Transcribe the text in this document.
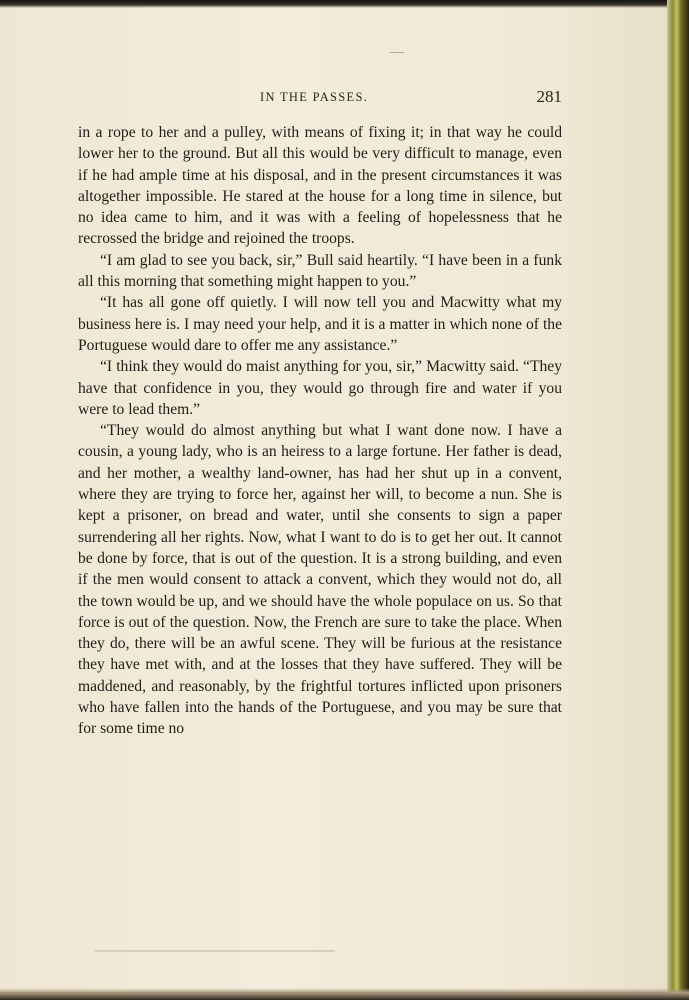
IN THE PASSES.	281

in a rope to her and a pulley, with means of fixing it; in that way he could lower her to the ground. But all this would be very difficult to manage, even if he had ample time at his disposal, and in the present circumstances it was altogether impossible. He stared at the house for a long time in silence, but no idea came to him, and it was with a feeling of hopelessness that he recrossed the bridge and rejoined the troops.

“I am glad to see you back, sir,” Bull said heartily. “I have been in a funk all this morning that something might happen to you.”

“It has all gone off quietly. I will now tell you and Macwitty what my business here is. I may need your help, and it is a matter in which none of the Portuguese would dare to offer me any assistance.”

“I think they would do maist anything for you, sir,” Macwitty said. “They have that confidence in you, they would go through fire and water if you were to lead them.”

“They would do almost anything but what I want done now. I have a cousin, a young lady, who is an heiress to a large fortune. Her father is dead, and her mother, a wealthy land-owner, has had her shut up in a convent, where they are trying to force her, against her will, to become a nun. She is kept a prisoner, on bread and water, until she consents to sign a paper surrendering all her rights. Now, what I want to do is to get her out. It cannot be done by force, that is out of the question. It is a strong building, and even if the men would consent to attack a convent, which they would not do, all the town would be up, and we should have the whole populace on us. So that force is out of the question. Now, the French are sure to take the place. When they do, there will be an awful scene. They will be furious at the resistance they have met with, and at the losses that they have suffered. They will be maddened, and reasonably, by the frightful tortures inflicted upon prisoners who have fallen into the hands of the Portuguese, and you may be sure that for some time no
